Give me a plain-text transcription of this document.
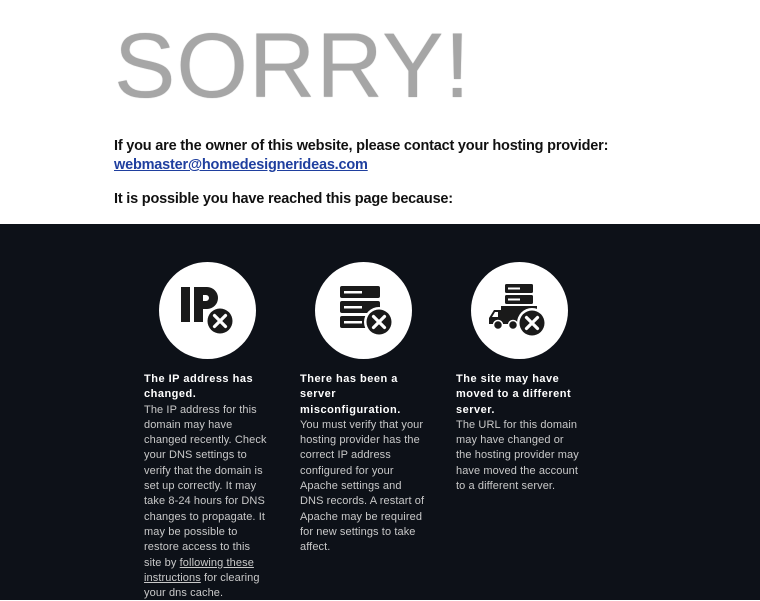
SORRY!
If you are the owner of this website, please contact your hosting provider:
webmaster@homedesignerideas.com
It is possible you have reached this page because:
The IP address has changed.
The IP address for this domain may have changed recently. Check your DNS settings to verify that the domain is set up correctly. It may take 8-24 hours for DNS changes to propagate. It may be possible to restore access to this site by following these instructions for clearing your dns cache.
There has been a server misconfiguration.
You must verify that your hosting provider has the correct IP address configured for your Apache settings and DNS records. A restart of Apache may be required for new settings to take affect.
The site may have moved to a different server.
The URL for this domain may have changed or the hosting provider may have moved the account to a different server.
